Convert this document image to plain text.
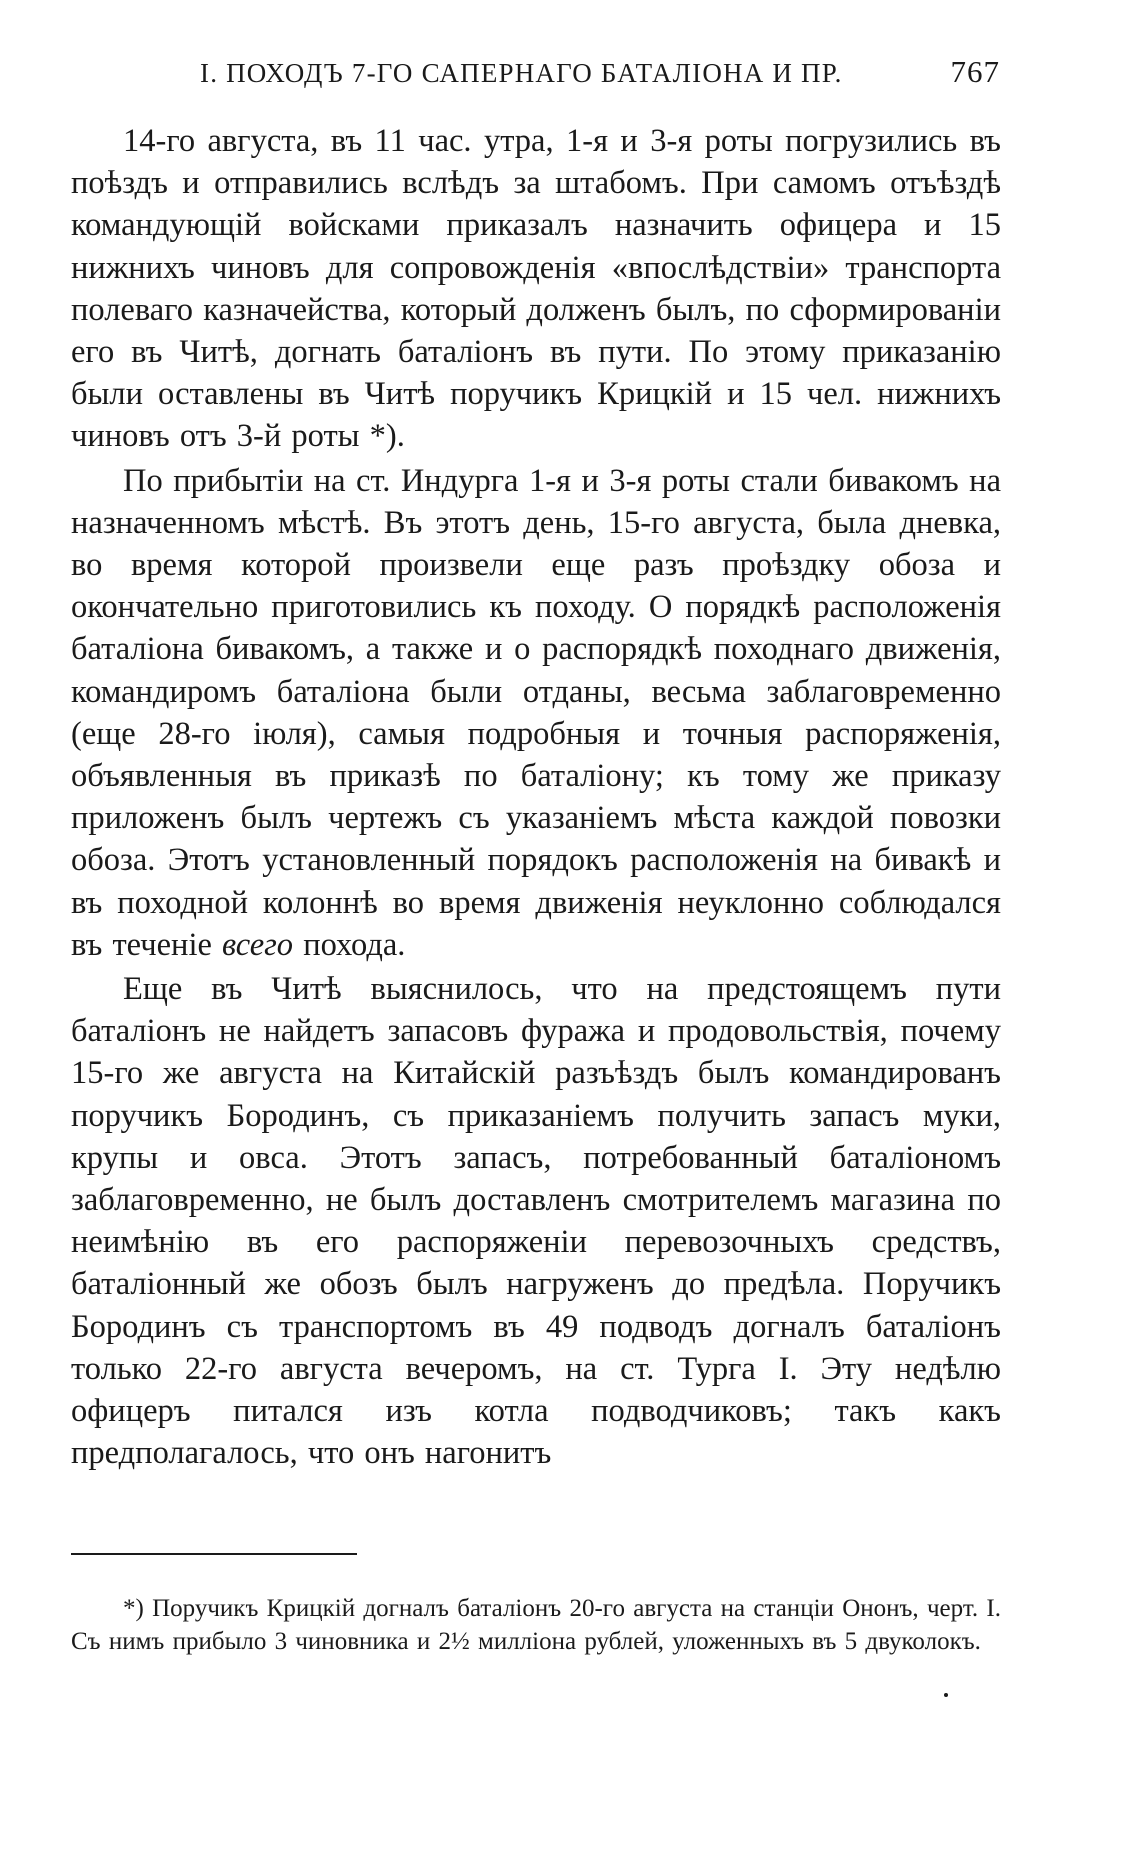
I. ПОХОДЪ 7-ГО САПЕРНАГО БАТАЛІОНА И ПР.	767

14-го августа, въ 11 час. утра, 1-я и 3-я роты погрузились въ поѣздъ и отправились вслѣдъ за штабомъ. При самомъ отъѣздѣ командующій войсками приказалъ назначить офицера и 15 нижнихъ чиновъ для сопровожденія «впослѣдствіи» транспорта полеваго казначейства, который долженъ былъ, по сформированіи его въ Читѣ, догнать баталіонъ въ пути. По этому приказанію были оставлены въ Читѣ поручикъ Крицкій и 15 чел. нижнихъ чиновъ отъ 3-й роты *).

По прибытіи на ст. Индурга 1-я и 3-я роты стали бивакомъ на назначенномъ мѣстѣ. Въ этотъ день, 15-го августа, была дневка, во время которой произвели еще разъ проѣздку обоза и окончательно приготовились къ походу. О порядкѣ расположенія баталіона бивакомъ, а также и о распорядкѣ походнаго движенія, командиромъ баталіона были отданы, весьма заблаговременно (еще 28-го іюля), самыя подробныя и точныя распоряженія, объявленныя въ приказѣ по баталіону; къ тому же приказу приложенъ былъ чертежъ съ указаніемъ мѣста каждой повозки обоза. Этотъ установленный порядокъ расположенія на бивакѣ и въ походной колоннѣ во время движенія неуклонно соблюдался въ теченіе всего похода.

Еще въ Читѣ выяснилось, что на предстоящемъ пути баталіонъ не найдетъ запасовъ фуража и продовольствія, почему 15-го же августа на Китайскій разъѣздъ былъ командированъ поручикъ Бородинъ, съ приказаніемъ получить запасъ муки, крупы и овса. Этотъ запасъ, потребованный баталіономъ заблаговременно, не былъ доставленъ смотрителемъ магазина по неимѣнію въ его распоряженіи перевозочныхъ средствъ, баталіонный же обозъ былъ нагруженъ до предѣла. Поручикъ Бородинъ съ транспортомъ въ 49 подводъ догналъ баталіонъ только 22-го августа вечеромъ, на ст. Тургa I. Эту недѣлю офицеръ питался изъ котла подводчиковъ; такъ какъ предполагалось, что онъ нагонитъ

*) Поручикъ Крицкій догналъ баталіонъ 20-го августа на станціи Ононъ, черт. I. Съ нимъ прибыло 3 чиновника и 2½ милліона рублей, уложенныхъ въ 5 двуколокъ.
